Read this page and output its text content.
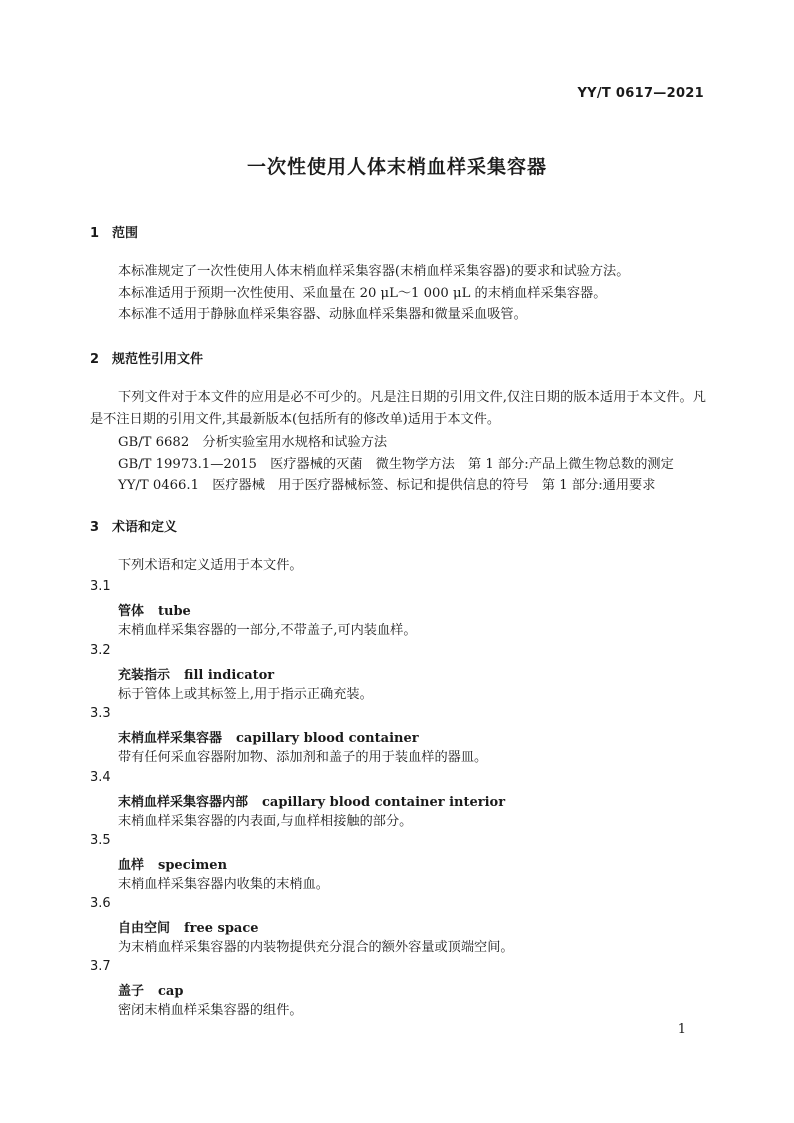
YY/T 0617—2021
一次性使用人体末梢血样采集容器
1 范围
本标准规定了一次性使用人体末梢血样采集容器(末梢血样采集容器)的要求和试验方法。
本标准适用于预期一次性使用、采血量在 20 μL～1 000 μL 的末梢血样采集容器。
本标准不适用于静脉血样采集容器、动脉血样采集器和微量采血吸管。
2 规范性引用文件
下列文件对于本文件的应用是必不可少的。凡是注日期的引用文件,仅注日期的版本适用于本文件。凡是不注日期的引用文件,其最新版本(包括所有的修改单)适用于本文件。
GB/T 6682　 分析实验室用水规格和试验方法
GB/T 19973.1—2015　 医疗器械的灭菌　微生物学方法　第 1 部分:产品上微生物总数的测定
YY/T 0466.1　 医疗器械　用于医疗器械标签、标记和提供信息的符号　第 1 部分:通用要求
3 术语和定义
下列术语和定义适用于本文件。
3.1
管体 tube
末梢血样采集容器的一部分,不带盖子,可内装血样。
3.2
充装指示 fill indicator
标于管体上或其标签上,用于指示正确充装。
3.3
末梢血样采集容器 capillary blood container
带有任何采血容器附加物、添加剂和盖子的用于装血样的器皿。
3.4
末梢血样采集容器内部 capillary blood container interior
末梢血样采集容器的内表面,与血样相接触的部分。
3.5
血样 specimen
末梢血样采集容器内收集的末梢血。
3.6
自由空间 free space
为末梢血样采集容器的内装物提供充分混合的额外容量或顶端空间。
3.7
盖子 cap
密闭末梢血样采集容器的组件。
1
